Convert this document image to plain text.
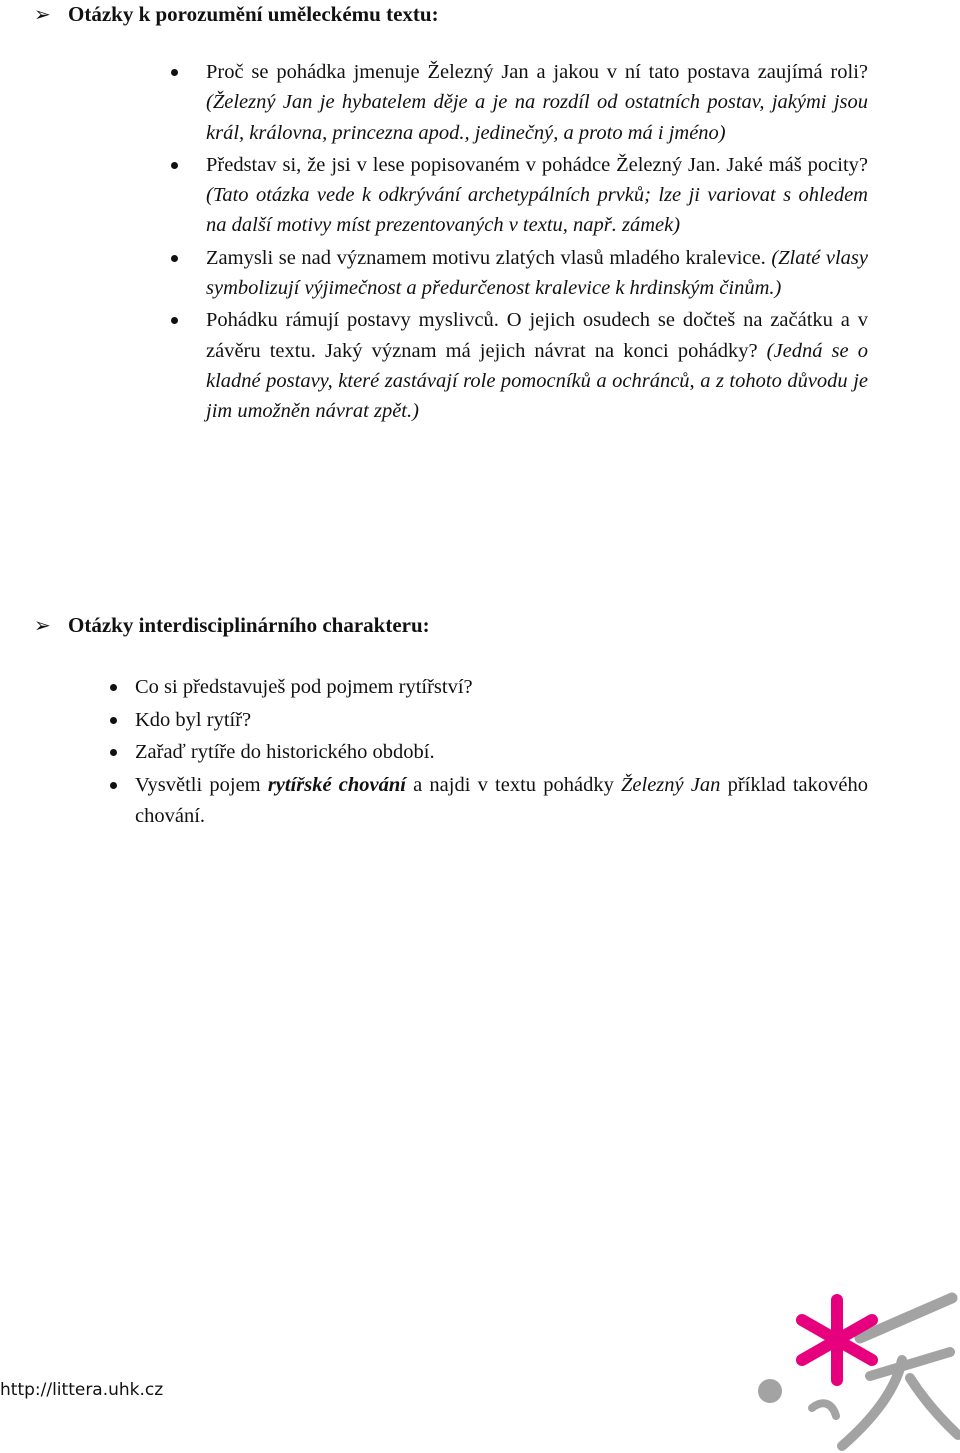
➢ Otázky k porozumění uměleckému textu:
Proč se pohádka jmenuje Železný Jan a jakou v ní tato postava zaujímá roli? (Železný Jan je hybatelem děje a je na rozdíl od ostatních postav, jakými jsou král, královna, princezna apod., jedinečný, a proto má i jméno)
Představ si, že jsi v lese popisovaném v pohádce Železný Jan. Jaké máš pocity? (Tato otázka vede k odkrývání archetypálních prvků; lze ji variovat s ohledem na další motivy míst prezentovaných v textu, např. zámek)
Zamysli se nad významem motivu zlatých vlasů mladého kralevice. (Zlaté vlasy symbolizují výjimečnost a předurčenost kralevice k hrdinským činům.)
Pohádku rámují postavy myslivců. O jejich osudech se dočteš na začátku a v závěru textu. Jaký význam má jejich návrat na konci pohádky? (Jedná se o kladné postavy, které zastávají role pomocníků a ochránců, a z tohoto důvodu je jim umožněn návrat zpět.)
➢ Otázky interdisciplinárního charakteru:
Co si představuješ pod pojmem rytířství?
Kdo byl rytíř?
Zařaď rytíře do historického období.
Vysvětli pojem rytířské chování a najdi v textu pohádky Železný Jan příklad takového chování.
http://littera.uhk.cz
